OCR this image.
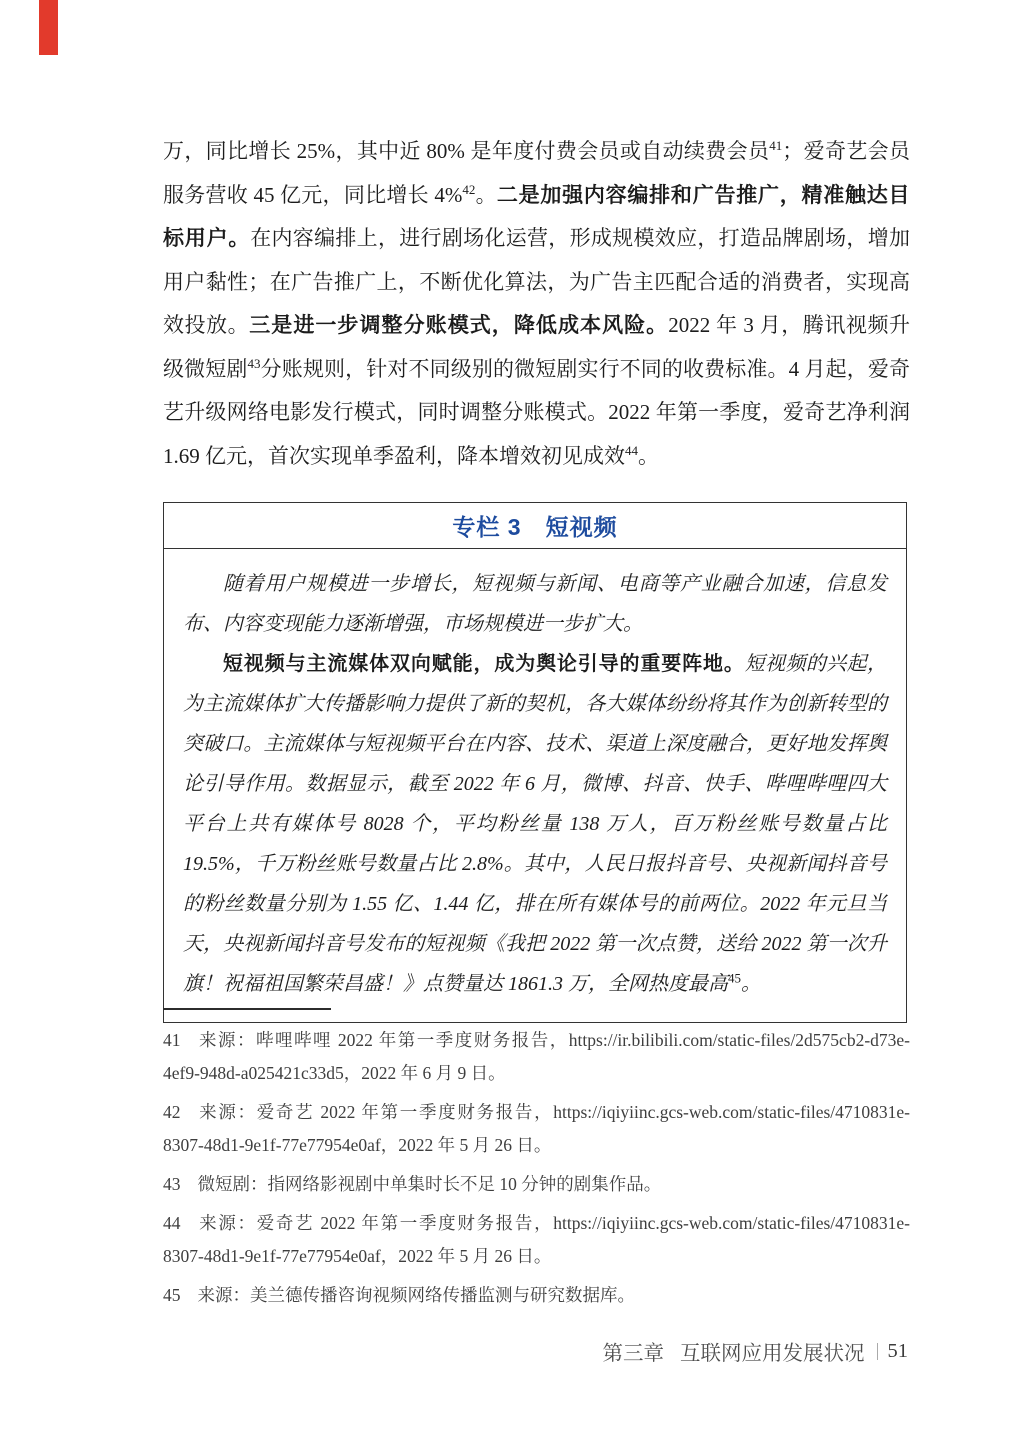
万，同比增长 25%，其中近 80% 是年度付费会员或自动续费会员$^{41}$；爱奇艺会员服务营收 45 亿元，同比增长 4%$^{42}$。二是加强内容编排和广告推广，精准触达目标用户。在内容编排上，进行剧场化运营，形成规模效应，打造品牌剧场，增加用户黏性；在广告推广上，不断优化算法，为广告主匹配合适的消费者，实现高效投放。三是进一步调整分账模式，降低成本风险。2022 年 3 月，腾讯视频升级微短剧$^{43}$分账规则，针对不同级别的微短剧实行不同的收费标准。4 月起，爱奇艺升级网络电影发行模式，同时调整分账模式。2022 年第一季度，爱奇艺净利润 1.69 亿元，首次实现单季盈利，降本增效初见成效$^{44}$。

专栏 3　短视频

随着用户规模进一步增长，短视频与新闻、电商等产业融合加速，信息发布、内容变现能力逐渐增强，市场规模进一步扩大。

短视频与主流媒体双向赋能，成为舆论引导的重要阵地。短视频的兴起，为主流媒体扩大传播影响力提供了新的契机，各大媒体纷纷将其作为创新转型的突破口。主流媒体与短视频平台在内容、技术、渠道上深度融合，更好地发挥舆论引导作用。数据显示，截至 2022 年 6 月，微博、抖音、快手、哔哩哔哩四大平台上共有媒体号 8028 个，平均粉丝量 138 万人，百万粉丝账号数量占比 19.5%，千万粉丝账号数量占比 2.8%。其中，人民日报抖音号、央视新闻抖音号的粉丝数量分别为 1.55 亿、1.44 亿，排在所有媒体号的前两位。2022 年元旦当天，央视新闻抖音号发布的短视频《我把 2022 第一次点赞，送给 2022 第一次升旗！祝福祖国繁荣昌盛！》点赞量达 1861.3 万，全网热度最高$^{45}$。

41 来源：哔哩哔哩 2022 年第一季度财务报告，https://ir.bilibili.com/static-files/2d575cb2-d73e-4ef9-948d-a025421c33d5，2022 年 6 月 9 日。
42 来源：爱奇艺 2022 年第一季度财务报告，https://iqiyiinc.gcs-web.com/static-files/4710831e-8307-48d1-9e1f-77e77954e0af，2022 年 5 月 26 日。
43 微短剧：指网络影视剧中单集时长不足 10 分钟的剧集作品。
44 来源：爱奇艺 2022 年第一季度财务报告，https://iqiyiinc.gcs-web.com/static-files/4710831e-8307-48d1-9e1f-77e77954e0af，2022 年 5 月 26 日。
45 来源：美兰德传播咨询视频网络传播监测与研究数据库。
第三章 互联网应用发展状况 51
